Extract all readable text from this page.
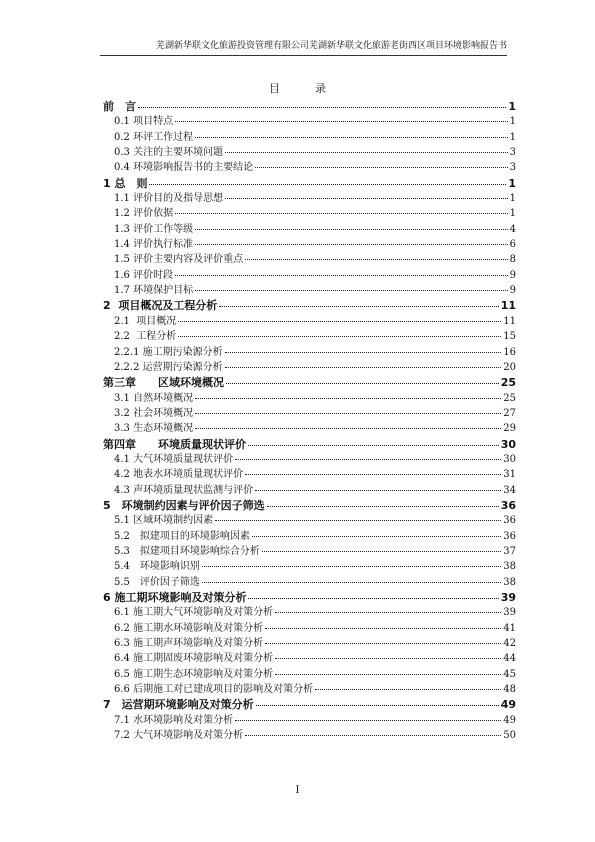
芜湖新华联文化旅游投资管理有限公司芜湖新华联文化旅游老街西区项目环境影响报告书
目　录
前　言	1
0.1 项目特点	1
0.2 环评工作过程	1
0.3 关注的主要环境问题	3
0.4 环境影响报告书的主要结论	3
1 总　则	1
1.1 评价目的及指导思想	1
1.2 评价依据	1
1.3 评价工作等级	4
1.4 评价执行标准	6
1.5 评价主要内容及评价重点	8
1.6 评价时段	9
1.7 环境保护目标	9
2  项目概况及工程分析	11
2.1  项目概况	11
2.2  工程分析	15
2.2.1 施工期污染源分析	16
2.2.2 运营期污染源分析	20
第三章　　区域环境概况	25
3.1 自然环境概况	25
3.2 社会环境概况	27
3.3 生态环境概况	29
第四章　　环境质量现状评价	30
4.1 大气环境质量现状评价	30
4.2 地表水环境质量现状评价	31
4.3 声环境质量现状监测与评价	34
5　环境制约因素与评价因子筛选	36
5.1 区域环境制约因素	36
5.2　拟建项目的环境影响因素	36
5.3　拟建项目环境影响综合分析	37
5.4　环境影响识别	38
5.5　评价因子筛选	38
6 施工期环境影响及对策分析	39
6.1 施工期大气环境影响及对策分析	39
6.2 施工期水环境影响及对策分析	41
6.3 施工期声环境影响及对策分析	42
6.4 施工期固废环境影响及对策分析	44
6.5 施工期生态环境影响及对策分析	45
6.6 后期施工对已建成项目的影响及对策分析	48
7　运营期环境影响及对策分析	49
7.1 水环境影响及对策分析	49
7.2 大气环境影响及对策分析	50
I
